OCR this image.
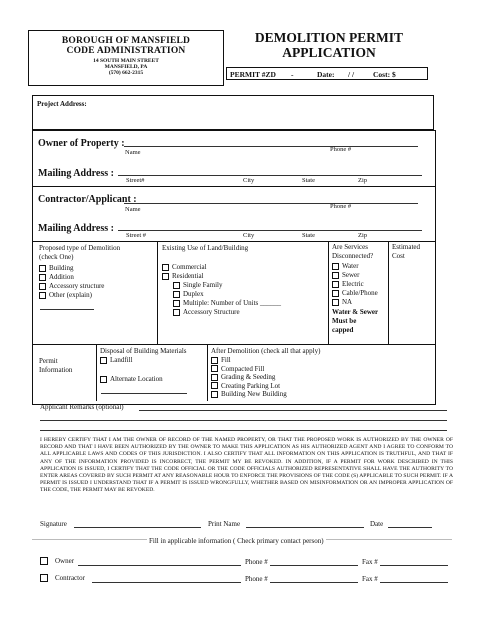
BOROUGH OF MANSFIELD
CODE ADMINISTRATION
14 SOUTH MAIN STREET
MANSFIELD, PA
(570) 662-2315
DEMOLITION PERMIT
APPLICATION
PERMIT #ZD -	Date: / /	Cost: $
Project Address:
Owner of Property :
Name	Phone #
Mailing Address :
Street#	City	State	Zip
Contractor/Applicant :
Name	Phone #
Mailing Address :
Street #	City	State	Zip
Proposed type of Demolition
(check One)
Building
Addition
Accessory structure
Other (explain)
Existing Use of Land/Building
Commercial
Residential
Single Family
Duplex
Multiple: Number of Units ______
Accessory Structure
Are Services
Disconnected?
Water
Sewer
Electric
Cable/Phone
NA
Water & Sewer
Must be
capped
Estimated
Cost
Permit
Information
Disposal of Building Materials
Landfill
Alternate Location
After Demolition (check all that apply)
Fill
Compacted Fill
Grading & Seeding
Creating Parking Lot
Building New Building
Applicant Remarks (optional)
I HEREBY CERTIFY THAT I AM THE OWNER OF RECORD OF THE NAMED PROPERTY, OR THAT THE PROPOSED WORK IS AUTHORIZED BY THE OWNER OF RECORD AND THAT I HAVE BEEN AUTHORIZED BY THE OWNER TO MAKE THIS APPLICATION AS HIS AUTHORIZED AGENT AND I AGREE TO CONFORM TO ALL APPLICABLE LAWS AND CODES OF THIS JURISDICTION. I ALSO CERTIFY THAT ALL INFORMATION ON THIS APPLICATION IS TRUTHFUL, AND THAT IF ANY OF THE INFORMATION PROVIDED IS INCORRECT, THE PERMIT MY BE REVOKED. IN ADDITION, IF A PERMIT FOR WORK DESCRIBED IN THIS APPLICATION IS ISSUED, I CERTIFY THAT THE CODE OFFICIAL OR THE CODE OFFICIALS AUTHORIZED REPRESENTATIVE SHALL HAVE THE AUTHORITY TO ENTER AREAS COVERED BY SUCH PERMIT AT ANY REASONABLE HOUR TO ENFORCE THE PROVISIONS OF THE CODE (S) APPLICABLE TO SUCH PERMIT. IF A PERMIT IS ISSUED I UNDERSTAND THAT IF A PERMIT IS ISSUED WRONGFULLY, WHETHER BASED ON MISINFORMATION OR AN IMPROPER APPLICATION OF THE CODE, THE PERMIT MAY BE REVOKED.
Signature	Print Name	Date
Fill in applicable information ( Check primary contact person)
Owner	Phone #	Fax #
Contractor	Phone #	Fax #
